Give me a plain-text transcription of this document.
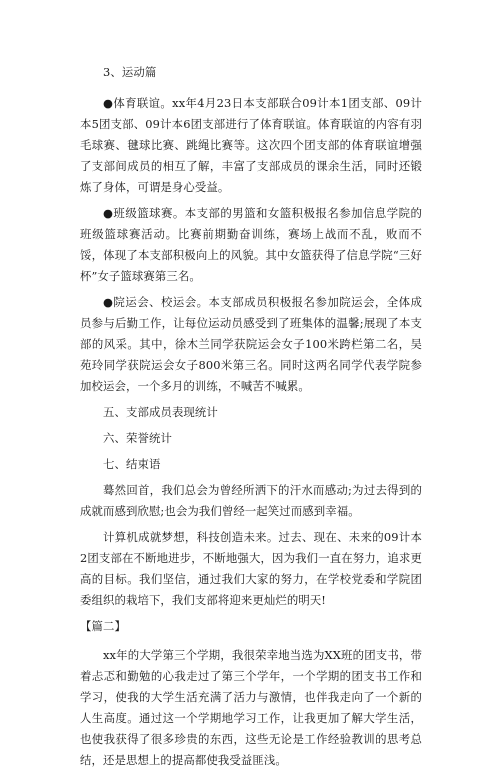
3、运动篇

●体育联谊。xx年4月23日本支部联合09计本1团支部、09计本5团支部、09计本6团支部进行了体育联谊。体育联谊的内容有羽毛球赛、毽球比赛、跳绳比赛等。这次四个团支部的体育联谊增强了支部间成员的相互了解，丰富了支部成员的课余生活，同时还锻炼了身体，可谓是身心受益。

●班级篮球赛。本支部的男篮和女篮积极报名参加信息学院的班级篮球赛活动。比赛前期勤奋训练，赛场上战而不乱，败而不馁，体现了本支部积极向上的风貌。其中女篮获得了信息学院“三好杯”女子篮球赛第三名。

●院运会、校运会。本支部成员积极报名参加院运会，全体成员参与后勤工作，让每位运动员感受到了班集体的温馨;展现了本支部的风采。其中，徐木兰同学获院运会女子100米跨栏第二名，吴苑玲同学获院运会女子800米第三名。同时这两名同学代表学院参加校运会，一个多月的训练，不喊苦不喊累。

五、支部成员表现统计

六、荣誉统计

七、结束语

蓦然回首，我们总会为曾经所洒下的汗水而感动;为过去得到的成就而感到欣慰;也会为我们曾经一起笑过而感到幸福。

计算机成就梦想，科技创造未来。过去、现在、未来的09计本2团支部在不断地进步，不断地强大，因为我们一直在努力，追求更高的目标。我们坚信，通过我们大家的努力，在学校党委和学院团委组织的栽培下，我们支部将迎来更灿烂的明天!

【篇二】

xx年的大学第三个学期，我很荣幸地当选为XX班的团支书，带着忐忑和勤勉的心我走过了第三个学年，一个学期的团支书工作和学习，使我的大学生活充满了活力与激情，也伴我走向了一个新的人生高度。通过这一个学期地学习工作，让我更加了解大学生活，也使我获得了很多珍贵的东西，这些无论是工作经验教训的思考总结，还是思想上的提高都使我受益匪浅。
